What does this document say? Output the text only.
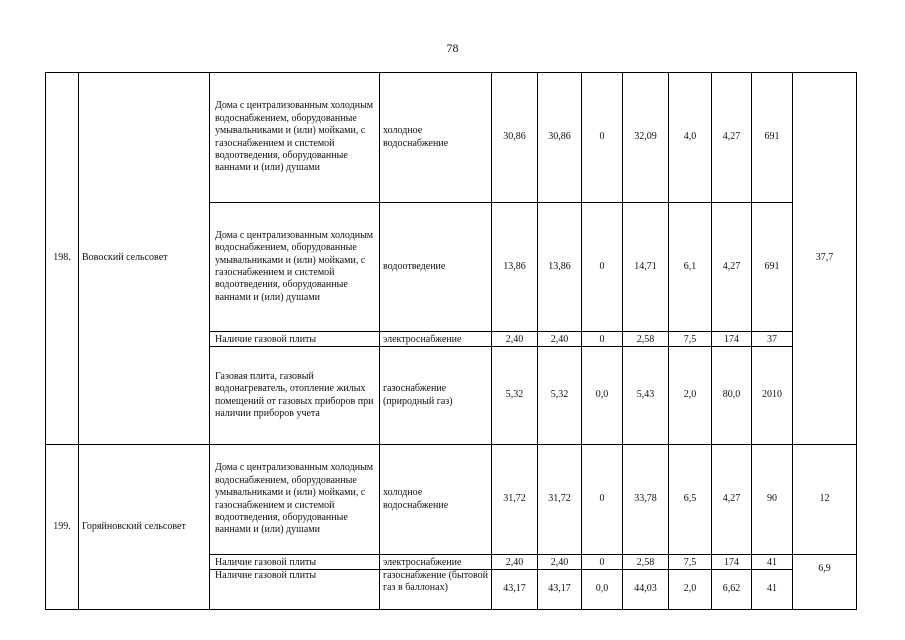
78
198.	Вовоский сельсовет	Дома с централизованным холодным водоснабжением, оборудованные умывальниками и (или) мойками, с газоснабжением и системой водоотведения, оборудованные ваннами и (или) душами	холодное водоснабжение	30,86	30,86	0	32,09	4,0	4,27	691	37,7
		Дома с централизованным холодным водоснабжением, оборудованные умывальниками и (или) мойками, с газоснабжением и системой водоотведения, оборудованные ваннами и (или) душами	водоотведение	13,86	13,86	0	14,71	6,1	4,27	691	
		Наличие газовой плиты	электроснабжение	2,40	2,40	0	2,58	7,5	174	37	
		Газовая плита, газовый водонагреватель, отопление жилых помещений от газовых приборов при наличии приборов учета	газоснабжение (природный газ)	5,32	5,32	0,0	5,43	2,0	80,0	2010	
199.	Горяйновский сельсовет	Дома с централизованным холодным водоснабжением, оборудованные умывальниками и (или) мойками, с газоснабжением и системой водоотведения, оборудованные ваннами и (или) душами	холодное водоснабжение	31,72	31,72	0	33,78	6,5	4,27	90	12
		Наличие газовой плиты	электроснабжение	2,40	2,40	0	2,58	7,5	174	41	6,9
		Наличие газовой плиты	газоснабжение (бытовой газ в баллонах)	43,17	43,17	0,0	44,03	2,0	6,62	41	
